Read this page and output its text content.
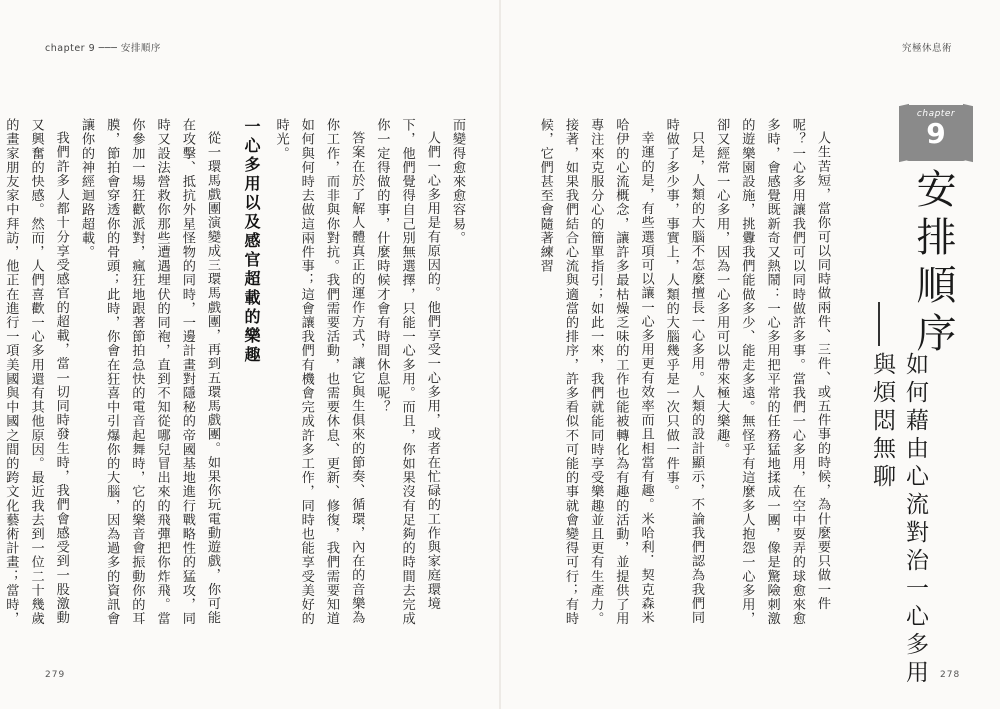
chapter 9 ─── 安排順序	究極休息術
chapter
9
安排順序
如何藉由心流對治一心多用與煩悶無聊

人生苦短，當你可以同時做兩件、三件、或五件事的時候，為什麼要只做一件呢？一心多用讓我們可以同時做許多事。當我們一心多用，在空中耍弄的球愈來愈多時，會感覺既新奇又熱鬧：一心多用把平常的任務猛地揉成一團，像是驚險刺激的遊樂園設施，挑釁我們能做多少、能走多遠。無怪乎有這麼多人抱怨一心多用，卻又經常一心多用，因為一心多用可以帶來極大樂趣。

只是，人類的大腦不怎麼擅長一心多用。人類的設計顯示，不論我們認為我們同時做了多少事，事實上，人類的大腦幾乎是一次只做一件事。

幸運的是，有些選項可以讓一心多用更有效率而且相當有趣。米哈利．契克森米哈伊的心流概念，讓許多最枯燥乏味的工作也能被轉化為有趣的活動，並提供了用專注來克服分心的簡單指引；如此一來，我們就能同時享受樂趣並且更有生產力。接著，如果我們結合心流與適當的排序，許多看似不可能的事就會變得可行；有時候，它們甚至會隨著練習

而變得愈來愈容易。

人們一心多用是有原因的。他們享受一心多用，或者在忙碌的工作與家庭環境下，他們覺得自己別無選擇，只能一心多用。而且，你如果沒有足夠的時間去完成你一定得做的事，什麼時候才會有時間休息呢？

答案在於了解人體真正的運作方式，讓它與生俱來的節奏、循環，內在的音樂為你工作，而非與你對抗。我們需要活動，也需要休息、更新、修復，我們需要知道如何與何時去做這兩件事；這會讓我們有機會完成許多工作，同時也能享受美好的時光。

一心多用以及感官超載的樂趣

從一環馬戲團演變成三環馬戲團，再到五環馬戲團。如果你玩電動遊戲，你可能在攻擊、抵抗外星怪物的同時，一邊計畫對隱秘的帝國基地進行戰略性的猛攻，同時又設法營救你那些遭遇埋伏的同袍，直到不知從哪兒冒出來的飛彈把你炸飛。當你參加一場狂歡派對，瘋狂地跟著節拍急快的電音起舞時，它的樂音會振動你的耳膜，節拍會穿透你的骨頭；此時，你會在狂喜中引爆你的大腦，因為過多的資訊會讓你的神經迴路超載。

我們許多人都十分享受感官的超載，當一切同時發生時，我們會感受到一股激動又興奮的快感。然而，人們喜歡一心多用還有其他原因。最近我去到一位二十幾歲的畫家朋友家中拜訪，他正在進行一項美國與中國之間的跨文化藝術計畫；當時，

279	278
